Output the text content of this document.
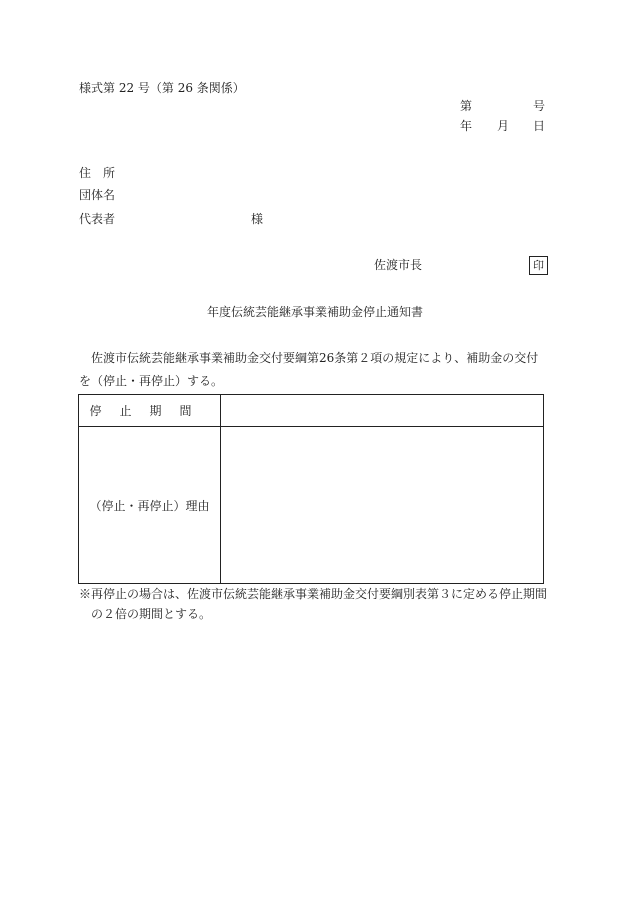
様式第 22 号（第 26 条関係）
第	号
年 月 日
住所
団体名
代表者	様
佐渡市長	印
年度伝統芸能継承事業補助金停止通知書
佐渡市伝統芸能継承事業補助金交付要綱第26条第２項の規定により、補助金の交付
を（停止・再停止）する。
停止期間	
（停止・再停止）理由	
※再停止の場合は、佐渡市伝統芸能継承事業補助金交付要綱別表第３に定める停止期間
の２倍の期間とする。
